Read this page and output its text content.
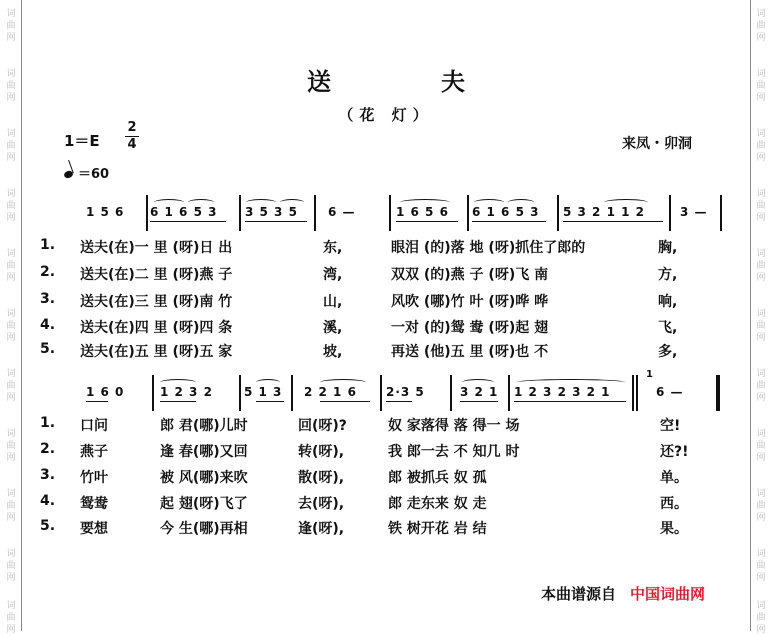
词
曲
网
词
曲
网
词
曲
网
词
曲
网
词
曲
网
词
曲
网
词
曲
网
词
曲
网
词
曲
网
词
曲
网
词
曲
网
词
曲
网
词
曲
网
词
曲
网
词
曲
网
词
曲
网
词
曲
网
词
曲
网
词
曲
网
词
曲
网
词
曲
网
词
曲
网
送夫
（花 灯）
1＝E
2
4
＝60
来凤・卯洞
1 5 6 6 1 6 5 3 3 5 3 5	6 —	1 6 5 6 6 1 6 5 3 5 3 2 1 1 2	3 —
1.	送夫(在)一 里 (呀)日 出	东,	眼泪 (的)落 地 (呀)抓住了郎的	胸,
2.	送夫(在)二 里 (呀)燕 子	湾,	双双 (的)燕 子 (呀)飞 南	方,
3.	送夫(在)三 里 (呀)南 竹	山,	风吹 (哪)竹 叶 (呀)哗 哗	响,
4.	送夫(在)四 里 (呀)四 条	溪,	一对 (的)鸳 鸯 (呀)起 翅	飞,
5.	送夫(在)五 里 (呀)五 家	坡,	再送 (他)五 里 (呀)也 不	多,
1 6 0	1 2 3 2	5 1 3 2 2 1 6 2·3 5	3 2 1 1 2 3 2 3 2 1
1
6 —
1.	口问	郎 君(哪)儿时	回(呀)?	奴 家落得 落 得一 场	空!
2.	燕子	逢 春(哪)又回	转(呀),	我 郎一去 不 知几 时	还?!
3.	竹叶	被 风(哪)来吹	散(呀),	郎 被抓兵 奴 孤	单。
4.	鸳鸯	起 翅(呀)飞了	去(呀),	郎 走东来 奴 走	西。
5.	要想	今 生(哪)再相	逢(呀),	铁 树开花 岩 结	果。
本曲谱源自 中国词曲网
